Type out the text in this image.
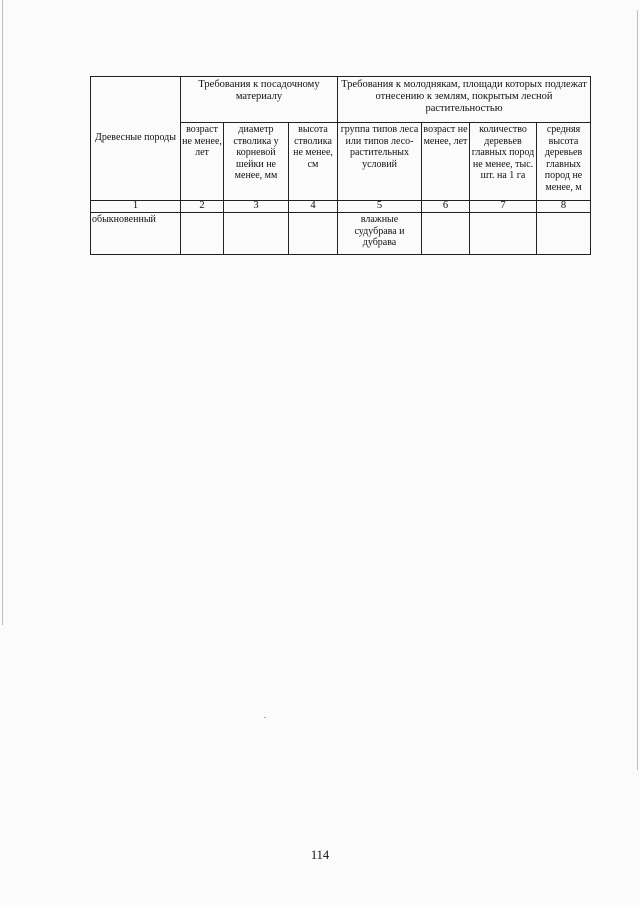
Древесные породы	Требования к посадочному материалу			Требования к молоднякам, площади которых подлежат отнесению к землям, покрытым лесной растительностью			
	возраст не менее, лет	диаметр стволика у корневой шейки не менее, мм	высота стволика не менее, см	группа типов леса или типов лесо-растительных условий	возраст не менее, лет	количество деревьев главных пород не менее, тыс. шт. на 1 га	средняя высота деревьев главных пород не менее, м
1	2	3	4	5	6	7	8
обыкновенный				влажные судубрава и дубрава			
114
